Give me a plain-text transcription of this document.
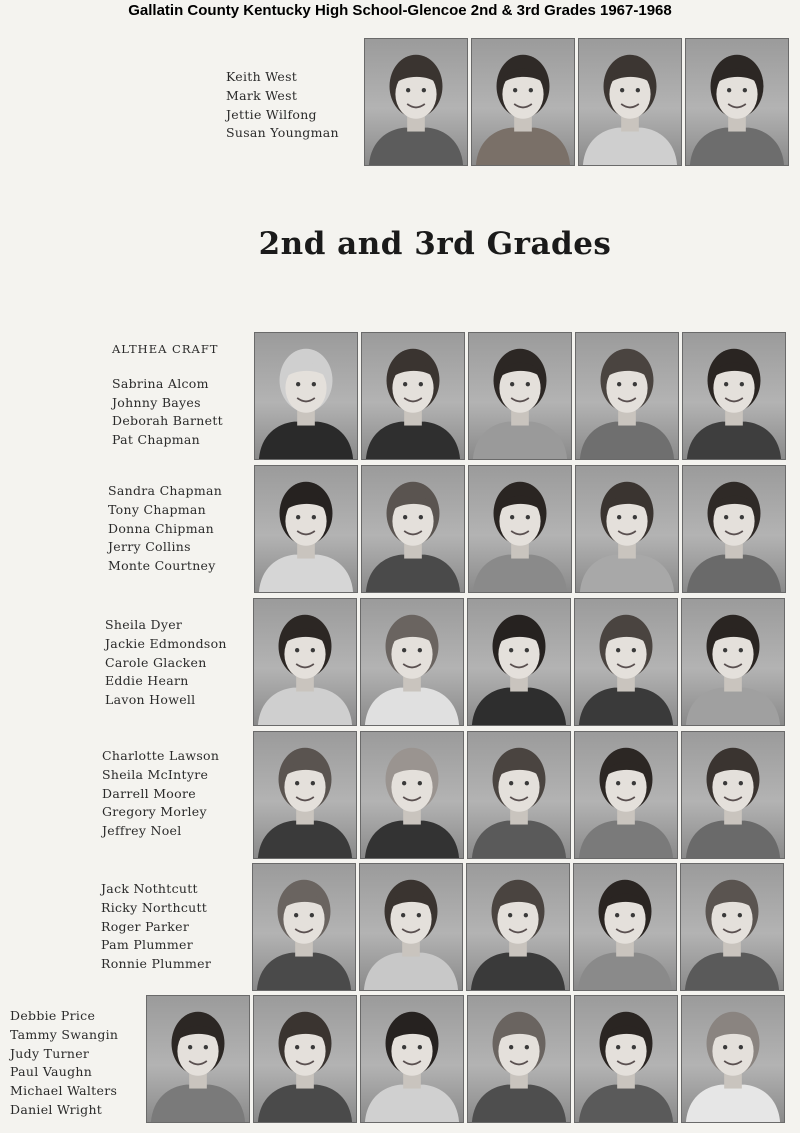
Gallatin County Kentucky High School-Glencoe 2nd & 3rd Grades 1967-1968
Keith West
Mark West
Jettie Wilfong
Susan Youngman
2nd and 3rd Grades
ALTHEA CRAFT
Sabrina Alcom
Johnny Bayes
Deborah Barnett
Pat Chapman
Sandra Chapman
Tony Chapman
Donna Chipman
Jerry Collins
Monte Courtney
Sheila Dyer
Jackie Edmondson
Carole Glacken
Eddie Hearn
Lavon Howell
Charlotte Lawson
Sheila McIntyre
Darrell Moore
Gregory Morley
Jeffrey Noel
Jack Nothtcutt
Ricky Northcutt
Roger Parker
Pam Plummer
Ronnie Plummer
Debbie Price
Tammy Swangin
Judy Turner
Paul Vaughn
Michael Walters
Daniel Wright
